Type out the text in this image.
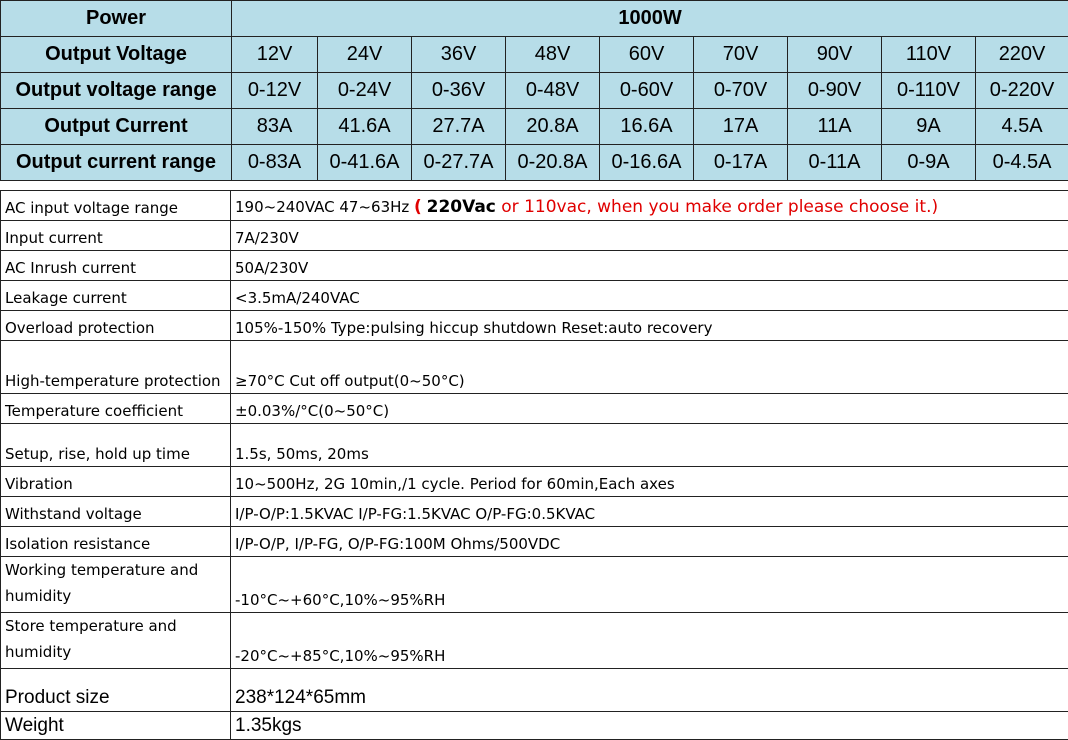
Power	1000W								
Output Voltage	12V	24V	36V	48V	60V	70V	90V	110V	220V
Output voltage range	0-12V	0-24V	0-36V	0-48V	0-60V	0-70V	0-90V	0-110V	0-220V
Output Current	83A	41.6A	27.7A	20.8A	16.6A	17A	11A	9A	4.5A
Output current range	0-83A	0-41.6A	0-27.7A	0-20.8A	0-16.6A	0-17A	0-11A	0-9A	0-4.5A
AC input voltage range	190~240VAC 47~63Hz ( 220Vac or 110vac, when you make order please choose it.)
Input current	7A/230V
AC Inrush current	50A/230V
Leakage current	<3.5mA/240VAC
Overload protection	105%-150% Type:pulsing hiccup shutdown Reset:auto recovery
High-temperature protection	≥70°C Cut off output(0~50°C)
Temperature coefficient	±0.03%/°C(0~50°C)
Setup, rise, hold up time	1.5s, 50ms, 20ms
Vibration	10~500Hz, 2G 10min,/1 cycle. Period for 60min,Each axes
Withstand voltage	I/P-O/P:1.5KVAC I/P-FG:1.5KVAC O/P-FG:0.5KVAC
Isolation resistance	I/P-O/P, I/P-FG, O/P-FG:100M Ohms/500VDC
Working temperature and humidity	-10°C~+60°C,10%~95%RH
Store temperature and humidity	-20°C~+85°C,10%~95%RH
Product size	238*124*65mm
Weight	1.35kgs
